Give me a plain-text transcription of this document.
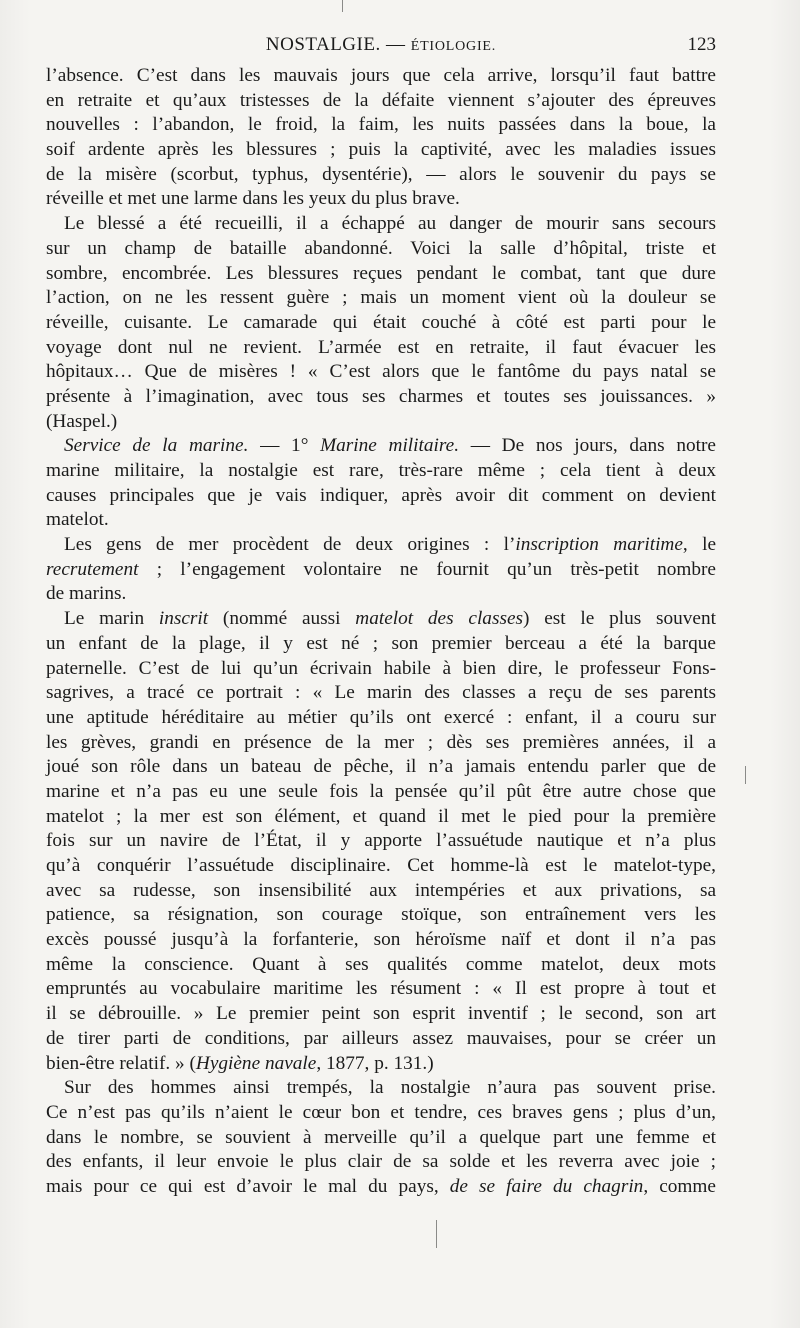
NOSTALGIE. — ÉTIOLOGIE.	123
l’absence. C’est dans les mauvais jours que cela arrive, lorsqu’il faut battre
en retraite et qu’aux tristesses de la défaite viennent s’ajouter des épreuves
nouvelles : l’abandon, le froid, la faim, les nuits passées dans la boue, la
soif ardente après les blessures ; puis la captivité, avec les maladies issues
de la misère (scorbut, typhus, dysentérie), — alors le souvenir du pays se
réveille et met une larme dans les yeux du plus brave.
Le blessé a été recueilli, il a échappé au danger de mourir sans secours
sur un champ de bataille abandonné. Voici la salle d’hôpital, triste et
sombre, encombrée. Les blessures reçues pendant le combat, tant que dure
l’action, on ne les ressent guère ; mais un moment vient où la douleur se
réveille, cuisante. Le camarade qui était couché à côté est parti pour le
voyage dont nul ne revient. L’armée est en retraite, il faut évacuer les
hôpitaux… Que de misères ! « C’est alors que le fantôme du pays natal se
présente à l’imagination, avec tous ses charmes et toutes ses jouissances. »
(Haspel.)
Service de la marine. — 1° Marine militaire. — De nos jours, dans notre
marine militaire, la nostalgie est rare, très-rare même ; cela tient à deux
causes principales que je vais indiquer, après avoir dit comment on devient
matelot.
Les gens de mer procèdent de deux origines : l’inscription maritime, le
recrutement ; l’engagement volontaire ne fournit qu’un très-petit nombre
de marins.
Le marin inscrit (nommé aussi matelot des classes) est le plus souvent
un enfant de la plage, il y est né ; son premier berceau a été la barque
paternelle. C’est de lui qu’un écrivain habile à bien dire, le professeur Fons-
sagrives, a tracé ce portrait : « Le marin des classes a reçu de ses parents
une aptitude héréditaire au métier qu’ils ont exercé : enfant, il a couru sur
les grèves, grandi en présence de la mer ; dès ses premières années, il a
joué son rôle dans un bateau de pêche, il n’a jamais entendu parler que de
marine et n’a pas eu une seule fois la pensée qu’il pût être autre chose que
matelot ; la mer est son élément, et quand il met le pied pour la première
fois sur un navire de l’État, il y apporte l’assuétude nautique et n’a plus
qu’à conquérir l’assuétude disciplinaire. Cet homme-là est le matelot-type,
avec sa rudesse, son insensibilité aux intempéries et aux privations, sa
patience, sa résignation, son courage stoïque, son entraînement vers les
excès poussé jusqu’à la forfanterie, son héroïsme naïf et dont il n’a pas
même la conscience. Quant à ses qualités comme matelot, deux mots
empruntés au vocabulaire maritime les résument : « Il est propre à tout et
il se débrouille. » Le premier peint son esprit inventif ; le second, son art
de tirer parti de conditions, par ailleurs assez mauvaises, pour se créer un
bien-être relatif. » (Hygiène navale, 1877, p. 131.)
Sur des hommes ainsi trempés, la nostalgie n’aura pas souvent prise.
Ce n’est pas qu’ils n’aient le cœur bon et tendre, ces braves gens ; plus d’un,
dans le nombre, se souvient à merveille qu’il a quelque part une femme et
des enfants, il leur envoie le plus clair de sa solde et les reverra avec joie ;
mais pour ce qui est d’avoir le mal du pays, de se faire du chagrin, comme
